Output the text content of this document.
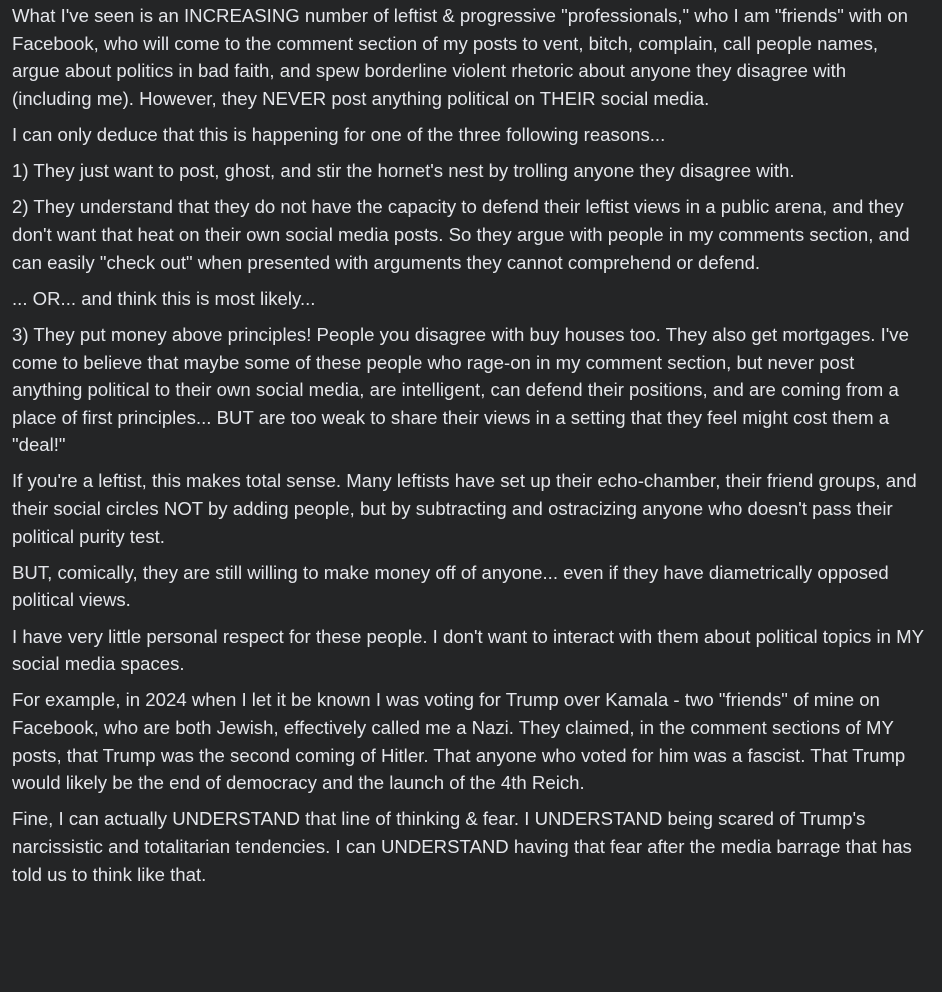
What I've seen is an INCREASING number of leftist & progressive "professionals," who I am "friends" with on Facebook, who will come to the comment section of my posts to vent, bitch, complain, call people names, argue about politics in bad faith, and spew borderline violent rhetoric about anyone they disagree with (including me). However, they NEVER post anything political on THEIR social media.

I can only deduce that this is happening for one of the three following reasons...

1) They just want to post, ghost, and stir the hornet's nest by trolling anyone they disagree with.

2) They understand that they do not have the capacity to defend their leftist views in a public arena, and they don't want that heat on their own social media posts. So they argue with people in my comments section, and can easily "check out" when presented with arguments they cannot comprehend or defend.

... OR... and think this is most likely...

3) They put money above principles! People you disagree with buy houses too. They also get mortgages. I've come to believe that maybe some of these people who rage-on in my comment section, but never post anything political to their own social media, are intelligent, can defend their positions, and are coming from a place of first principles... BUT are too weak to share their views in a setting that they feel might cost them a "deal!"

If you're a leftist, this makes total sense. Many leftists have set up their echo-chamber, their friend groups, and their social circles NOT by adding people, but by subtracting and ostracizing anyone who doesn't pass their political purity test.

BUT, comically, they are still willing to make money off of anyone... even if they have diametrically opposed political views.

I have very little personal respect for these people. I don't want to interact with them about political topics in MY social media spaces.

For example, in 2024 when I let it be known I was voting for Trump over Kamala - two "friends" of mine on Facebook, who are both Jewish, effectively called me a Nazi. They claimed, in the comment sections of MY posts, that Trump was the second coming of Hitler. That anyone who voted for him was a fascist. That Trump would likely be the end of democracy and the launch of the 4th Reich.

Fine, I can actually UNDERSTAND that line of thinking & fear. I UNDERSTAND being scared of Trump's narcissistic and totalitarian tendencies. I can UNDERSTAND having that fear after the media barrage that has told us to think like that.
